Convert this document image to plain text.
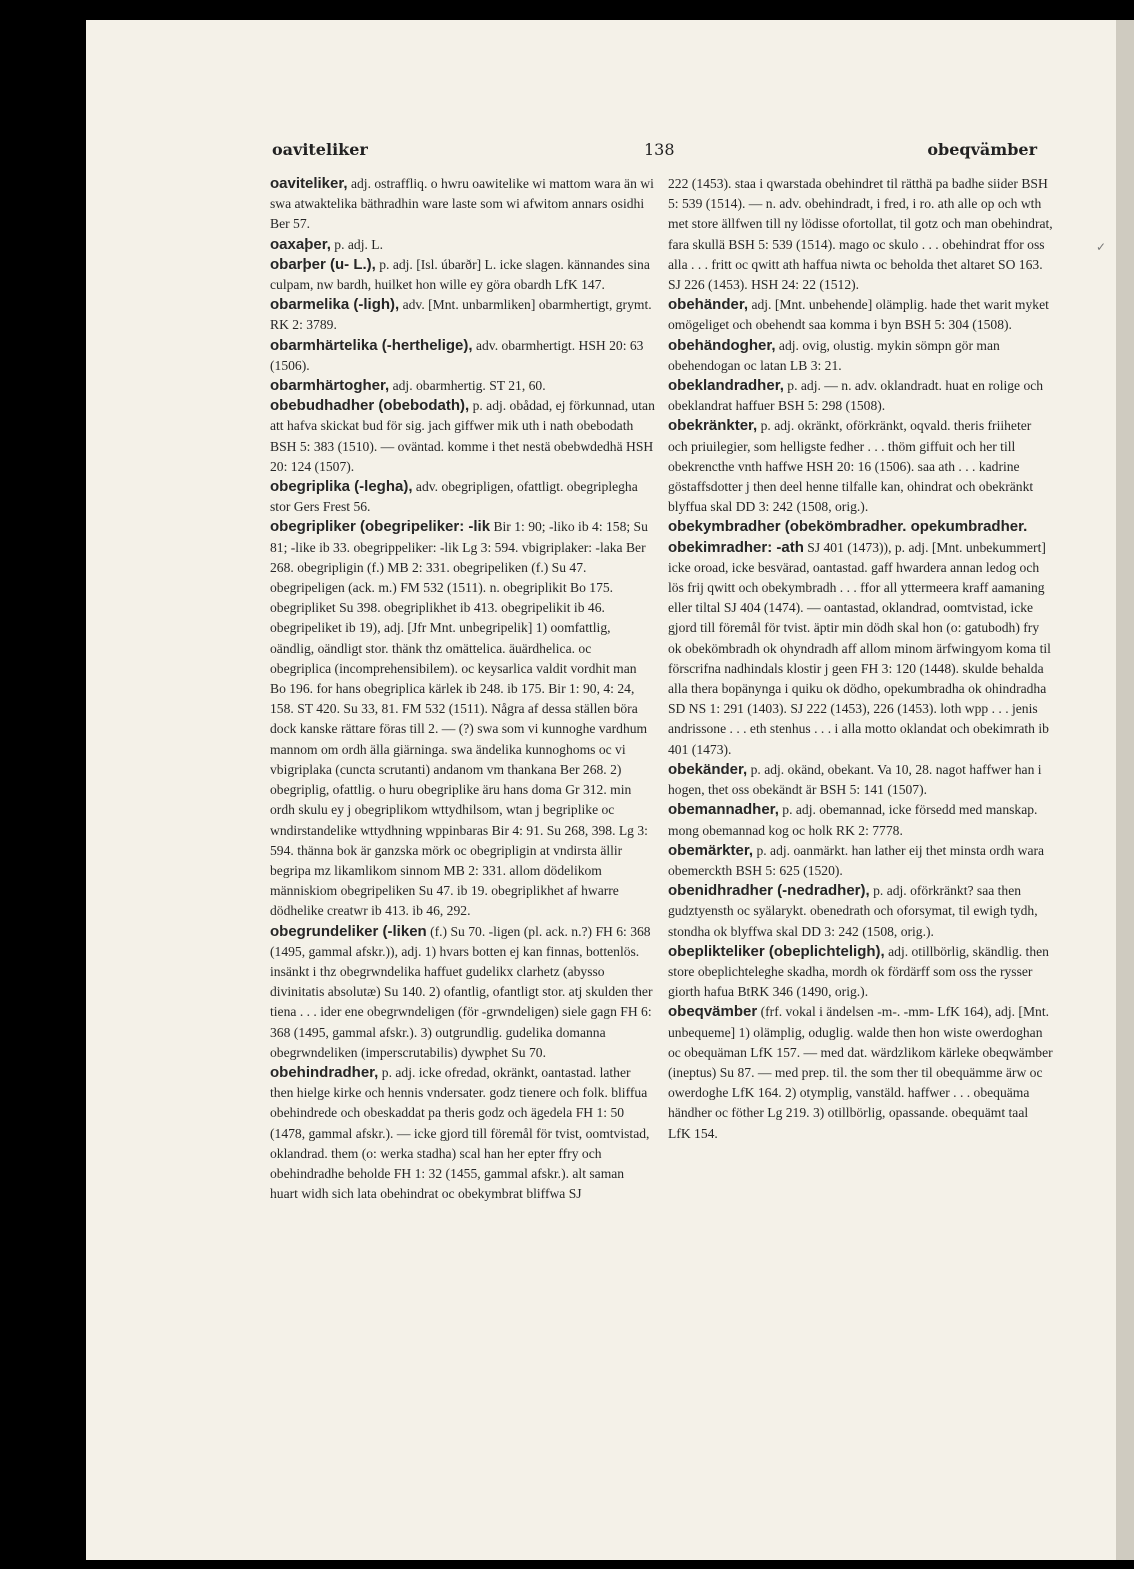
✓
oaviteliker	138	obeqvämber

oaviteliker, adj. ostraffliq. o hwru oawitelike wi mattom wara än wi swa atwaktelika bäthradhin ware laste som wi afwitom annars osidhi Ber 57.

oaxaþer, p. adj. L.

obarþer (u- L.), p. adj. [Isl. úbarðr] L. icke slagen. kännandes sina culpam, nw bardh, huilket hon wille ey göra obardh LfK 147.

obarmelika (-ligh), adv. [Mnt. unbarmliken] obarmhertigt, grymt. RK 2: 3789.

obarmhärtelika (-herthelige), adv. obarmhertigt. HSH 20: 63 (1506).

obarmhärtogher, adj. obarmhertig. ST 21, 60.

obebudhadher (obebodath), p. adj. obådad, ej förkunnad, utan att hafva skickat bud för sig. jach giffwer mik uth i nath obebodath BSH 5: 383 (1510). — oväntad. komme i thet nestä obebwdedhä HSH 20: 124 (1507).

obegriplika (-legha), adv. obegripligen, ofattligt. obegriplegha stor Gers Frest 56.

obegripliker (obegripeliker: -lik Bir 1: 90; -liko ib 4: 158; Su 81; -like ib 33. obegrippeliker: -lik Lg 3: 594. vbigriplaker: -laka Ber 268. obegripligin (f.) MB 2: 331. obegripeliken (f.) Su 47. obegripeligen (ack. m.) FM 532 (1511). n. obegriplikit Bo 175. obegripliket Su 398. obegriplikhet ib 413. obegripelikit ib 46. obegripeliket ib 19), adj. [Jfr Mnt. unbegripelik] 1) oomfattlig, oändlig, oändligt stor. thänk thz omättelica. äuärdhelica. oc obegriplica (incomprehensibilem). oc keysarlica valdit vordhit man Bo 196. for hans obegriplica kärlek ib 248. ib 175. Bir 1: 90, 4: 24, 158. ST 420. Su 33, 81. FM 532 (1511). Några af dessa ställen böra dock kanske rättare föras till 2. — (?) swa som vi kunnoghe vardhum mannom om ordh älla giärninga. swa ändelika kunnoghoms oc vi vbigriplaka (cuncta scrutanti) andanom vm thankana Ber 268. 2) obegriplig, ofattlig. o huru obegriplike äru hans doma Gr 312. min ordh skulu ey j obegriplikom wttydhilsom, wtan j begriplike oc wndirstandelike wttydhning wppinbaras Bir 4: 91. Su 268, 398. Lg 3: 594. thänna bok är ganzska mörk oc obegripligin at vndirsta ällir begripa mz likamlikom sinnom MB 2: 331. allom dödelikom människiom obegripeliken Su 47. ib 19. obegriplikhet af hwarre dödhelike creatwr ib 413. ib 46, 292.

obegrundeliker (-liken (f.) Su 70. -ligen (pl. ack. n.?) FH 6: 368 (1495, gammal afskr.)), adj. 1) hvars botten ej kan finnas, bottenlös. insänkt i thz obegrwndelika haffuet gudelikx clarhetz (abysso divinitatis absolutæ) Su 140. 2) ofantlig, ofantligt stor. atj skulden ther tiena . . . ider ene obegrwndeligen (för -grwndeligen) siele gagn FH 6: 368 (1495, gammal afskr.). 3) outgrundlig. gudelika domanna obegrwndeliken (imperscrutabilis) dywphet Su 70.

obehindradher, p. adj. icke ofredad, okränkt, oantastad. lather then hielge kirke och hennis vndersater. godz tienere och folk. bliffua obehindrede och obeskaddat pa theris godz och ägedela FH 1: 50 (1478, gammal afskr.). — icke gjord till föremål för tvist, oomtvistad, oklandrad. them (o: werka stadha) scal han her epter ffry och obehindradhe beholde FH 1: 32 (1455, gammal afskr.). alt saman huart widh sich lata obehindrat oc obekymbrat bliffwa SJ

222 (1453). staa i qwarstada obehindret til rätthä pa badhe siider BSH 5: 539 (1514). — n. adv. obehindradt, i fred, i ro. ath alle op och wth met store ällfwen till ny lödisse ofortollat, til gotz och man obehindrat, fara skullä BSH 5: 539 (1514). mago oc skulo . . . obehindrat ffor oss alla . . . fritt oc qwitt ath haffua niwta oc beholda thet altaret SO 163. SJ 226 (1453). HSH 24: 22 (1512).

obehänder, adj. [Mnt. unbehende] olämplig. hade thet warit myket omögeliget och obehendt saa komma i byn BSH 5: 304 (1508).

obehändogher, adj. ovig, olustig. mykin sömpn gör man obehendogan oc latan LB 3: 21.

obeklandradher, p. adj. — n. adv. oklandradt. huat en rolige och obeklandrat haffuer BSH 5: 298 (1508).

obekränkter, p. adj. okränkt, oförkränkt, oqvald. theris friiheter och priuilegier, som helligste fedher . . . thöm giffuit och her till obekrencthe vnth haffwe HSH 20: 16 (1506). saa ath . . . kadrine göstaffsdotter j then deel henne tilfalle kan, ohindrat och obekränkt blyffua skal DD 3: 242 (1508, orig.).

obekymbradher (obekömbradher. opekumbradher. obekimradher: -ath SJ 401 (1473)), p. adj. [Mnt. unbekummert] icke oroad, icke besvärad, oantastad. gaff hwardera annan ledog och lös frij qwitt och obekymbradh . . . ffor all yttermeera kraff aamaning eller tiltal SJ 404 (1474). — oantastad, oklandrad, oomtvistad, icke gjord till föremål för tvist. äptir min dödh skal hon (o: gatubodh) fry ok obekömbradh ok ohyndradh aff allom minom ärfwingyom koma til förscrifna nadhindals klostir j geen FH 3: 120 (1448). skulde behalda alla thera bopänynga i quiku ok dödho, opekumbradha ok ohindradha SD NS 1: 291 (1403). SJ 222 (1453), 226 (1453). loth wpp . . . jenis andrissone . . . eth stenhus . . . i alla motto oklandat och obekimrath ib 401 (1473).

obekänder, p. adj. okänd, obekant. Va 10, 28. nagot haffwer han i hogen, thet oss obekändt är BSH 5: 141 (1507).

obemannadher, p. adj. obemannad, icke försedd med manskap. mong obemannad kog oc holk RK 2: 7778.

obemärkter, p. adj. oanmärkt. han lather eij thet minsta ordh wara obemerckth BSH 5: 625 (1520).

obenidhradher (-nedradher), p. adj. oförkränkt? saa then gudztyensth oc syälarykt. obenedrath och oforsymat, til ewigh tydh, stondha ok blyffwa skal DD 3: 242 (1508, orig.).

obeplikteliker (obeplichteligh), adj. otillbörlig, skändlig. then store obeplichteleghe skadha, mordh ok fördärff som oss the rysser giorth hafua BtRK 346 (1490, orig.).

obeqvämber (frf. vokal i ändelsen -m-. -mm- LfK 164), adj. [Mnt. unbequeme] 1) olämplig, oduglig. walde then hon wiste owerdoghan oc obequäman LfK 157. — med dat. wärdzlikom kärleke obeqwämber (ineptus) Su 87. — med prep. til. the som ther til obequämme ärw oc owerdoghe LfK 164. 2) otymplig, vanstäld. haffwer . . . obequäma händher oc föther Lg 219. 3) otillbörlig, opassande. obequämt taal LfK 154.
